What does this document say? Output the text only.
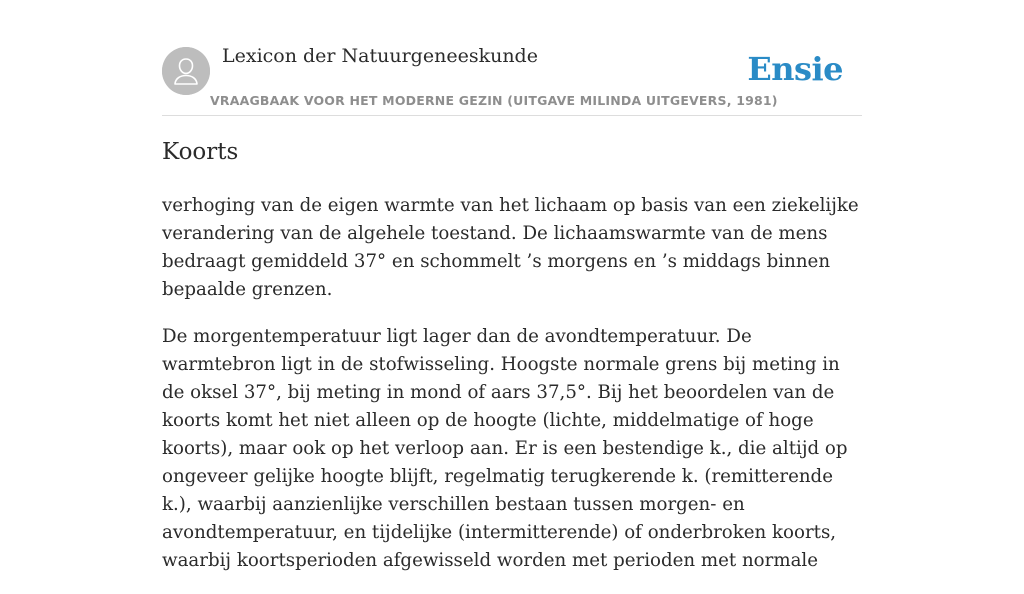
Lexicon der Natuurgeneeskunde
VRAAGBAAK VOOR HET MODERNE GEZIN (UITGAVE MILINDA UITGEVERS, 1981)
Ensie
Koorts

verhoging van de eigen warmte van het lichaam op basis van een ziekelijke verandering van de algehele toestand. De lichaamswarmte van de mens bedraagt gemiddeld 37° en schommelt ’s morgens en ’s middags binnen bepaalde grenzen.

De morgentemperatuur ligt lager dan de avondtemperatuur. De warmtebron ligt in de stofwisseling. Hoogste normale grens bij meting in de oksel 37°, bij meting in mond of aars 37,5°. Bij het beoordelen van de koorts komt het niet alleen op de hoogte (lichte, middelmatige of hoge koorts), maar ook op het verloop aan. Er is een bestendige k., die altijd op ongeveer gelijke hoogte blijft, regelmatig terugkerende k. (remitterende k.), waarbij aanzienlijke verschillen bestaan tussen morgen- en avondtemperatuur, en tijdelijke (intermitterende) of onderbroken koorts, waarbij koortsperioden afgewisseld worden met perioden met normale
